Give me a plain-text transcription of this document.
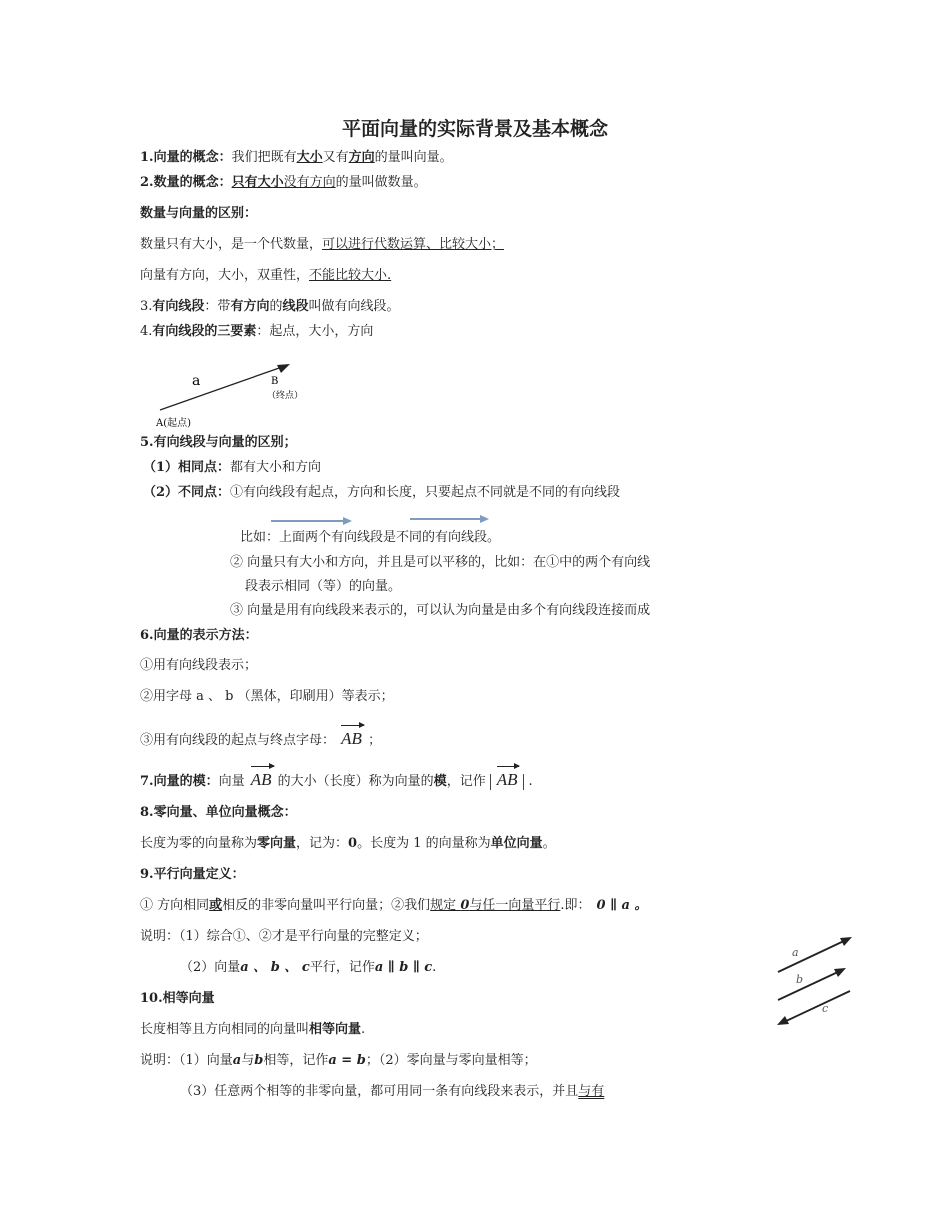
平面向量的实际背景及基本概念
1.向量的概念：我们把既有大小又有方向的量叫向量。
2.数量的概念：只有大小没有方向的量叫做数量。
数量与向量的区别：
数量只有大小，是一个代数量，可以进行代数运算、比较大小；
向量有方向，大小，双重性，不能比较大小.
3.有向线段：带有方向的线段叫做有向线段。
4.有向线段的三要素：起点，大小，方向
a	B
（终点）
A(起点)
5.有向线段与向量的区别；
（1）相同点：都有大小和方向
（2）不同点：①有向线段有起点，方向和长度，只要起点不同就是不同的有向线段
比如：上面两个有向线段是不同的有向线段。
② 向量只有大小和方向，并且是可以平移的，比如：在①中的两个有向线
段表示相同（等）的向量。
③ 向量是用有向线段来表示的，可以认为向量是由多个有向线段连接而成
6.向量的表示方法：
①用有向线段表示；
②用字母 a 、 b （黑体，印刷用）等表示；
③用有向线段的起点与终点字母： AB ；
7.向量的模：向量 AB 的大小（长度）称为向量的模，记作 AB .
8.零向量、单位向量概念：
长度为零的向量称为零向量，记为：0。长度为 1 的向量称为单位向量。
9.平行向量定义：
① 方向相同或相反的非零向量叫平行向量；②我们规定 0与任一向量平行.即： 0 ∥ a 。
说明：（1）综合①、②才是平行向量的完整定义；
（2）向量a 、 b 、 c平行，记作a ∥ b ∥ c.
a
b
c
10.相等向量
长度相等且方向相同的向量叫相等向量.
说明：（1）向量a与b相等，记作a = b；（2）零向量与零向量相等；
（3）任意两个相等的非零向量，都可用同一条有向线段来表示，并且与有
